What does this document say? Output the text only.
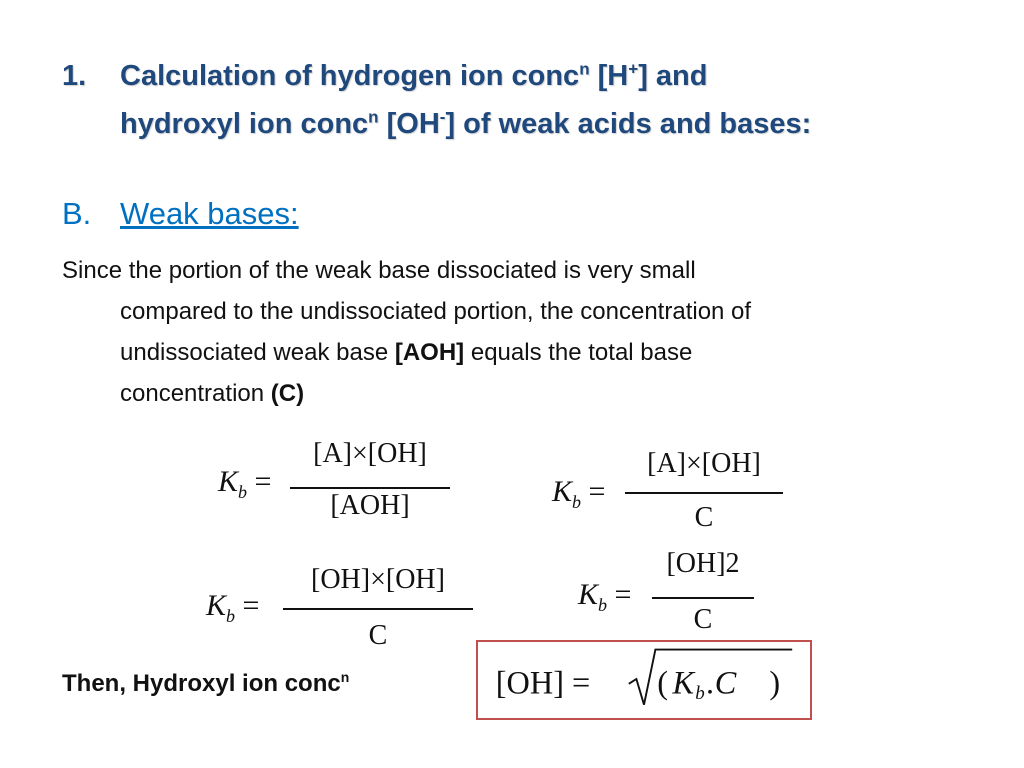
1. Calculation of hydrogen ion conc$^n$ [H+] and
hydroxyl ion conc$^n$ [OH-] of weak acids and bases:
B. Weak bases:
Since the portion of the weak base dissociated is very small
compared to the undissociated portion, the concentration of
undissociated weak base [AOH] equals the total base
concentration (C)
$K_b$ =
[A]×[OH]
[AOH]	$K_b$ =
[A]×[OH]
C
$K_b$ =
[OH]×[OH]
C
$K_b$ =
[OH]2
C
Then, Hydroxyl ion conc$^n$	[OH] = ( K b .C )
